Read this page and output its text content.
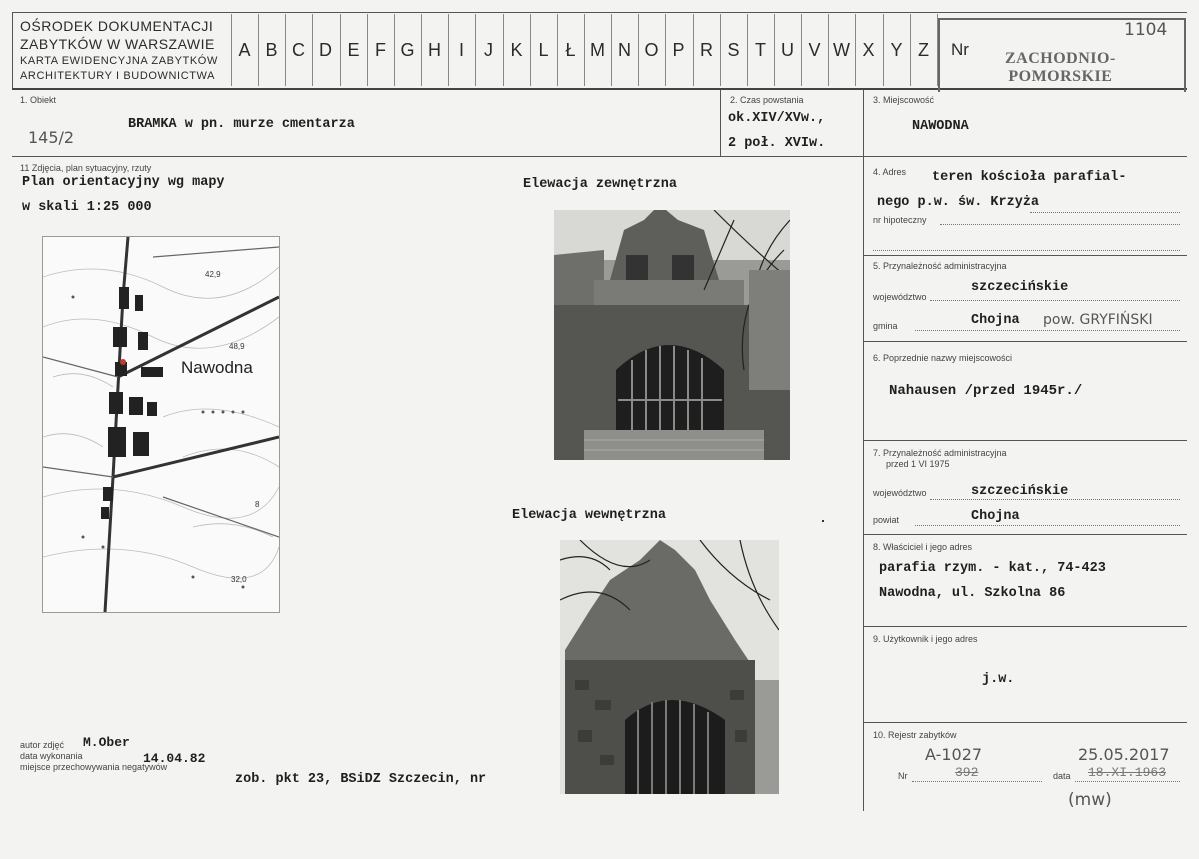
OŚRODEK DOKUMENTACJI
ZABYTKÓW W WARSZAWIE
KARTA EWIDENCYJNA ZABYTKÓW
ARCHITEKTURY I BUDOWNICTWA
A B C D E F G H I	J K L Ł M N O P R S T U V W X Y Z	Nr ZACHODNIO-
POMORSKIE
1104
1. Obiekt
BRAMKA w pn. murze cmentarza
145/2
2. Czas powstania
ok.XIV/XVw.,
2 poł. XVIw.
3. Miejscowość
NAWODNA
11 Zdjęcia, plan sytuacyjny, rzuty
Plan orientacyjny wg mapy
w skali 1:25 000
Nawodna
42,9
48,9
8
32,0
Elewacja zewnętrzna
Elewacja wewnętrzna
autor zdjęć M.Ober
data wykonania	14.04.82
miejsce przechowywania negatywów
zob. pkt 23, BSiDZ Szczecin, nr
4. Adres teren kościoła parafial-
nego p.w. św. Krzyża
nr hipoteczny
5. Przynależność administracyjna
województwo
szczecińskie
gmina	Chojna pow. GRYFIŃSKI
6. Poprzednie nazwy miejscowości
Nahausen /przed 1945r./
7. Przynależność administracyjna
przed 1 VI 1975
województwo	szczecińskie
powiat	Chojna
8. Właściciel i jego adres
parafia rzym. - kat., 74-423
Nawodna, ul. Szkolna 86
9. Użytkownik i jego adres
j.w.
10. Rejestr zabytków
A-1027
Nr	392
25.05.2017
data 18.XI.1963
(mw)
